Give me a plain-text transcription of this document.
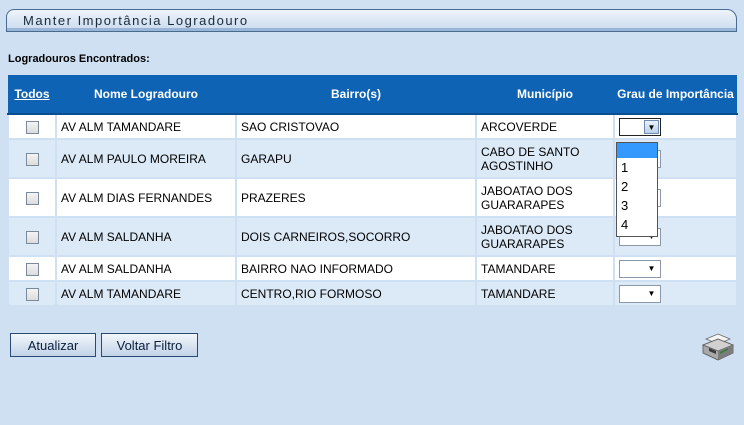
Manter Importância Logradouro
Logradouros Encontrados:
Todos	Nome Logradouro	Bairro(s)	Município	Grau de Importância
	AV ALM TAMANDARE	SAO CRISTOVAO	ARCOVERDE	▼

	AV ALM PAULO MOREIRA	GARAPU	CABO DE SANTO AGOSTINHO	

	AV ALM DIAS FERNANDES	PRAZERES	JABOATAO DOS GUARARAPES	

	AV ALM SALDANHA	DOIS CARNEIROS,SOCORRO	JABOATAO DOS GUARARAPES	

	AV ALM SALDANHA	BAIRRO NAO INFORMADO	TAMANDARE	▼

	AV ALM TAMANDARE	CENTRO,RIO FORMOSO	TAMANDARE	▼
1
2
3
4
Atualizar	Voltar Filtro
